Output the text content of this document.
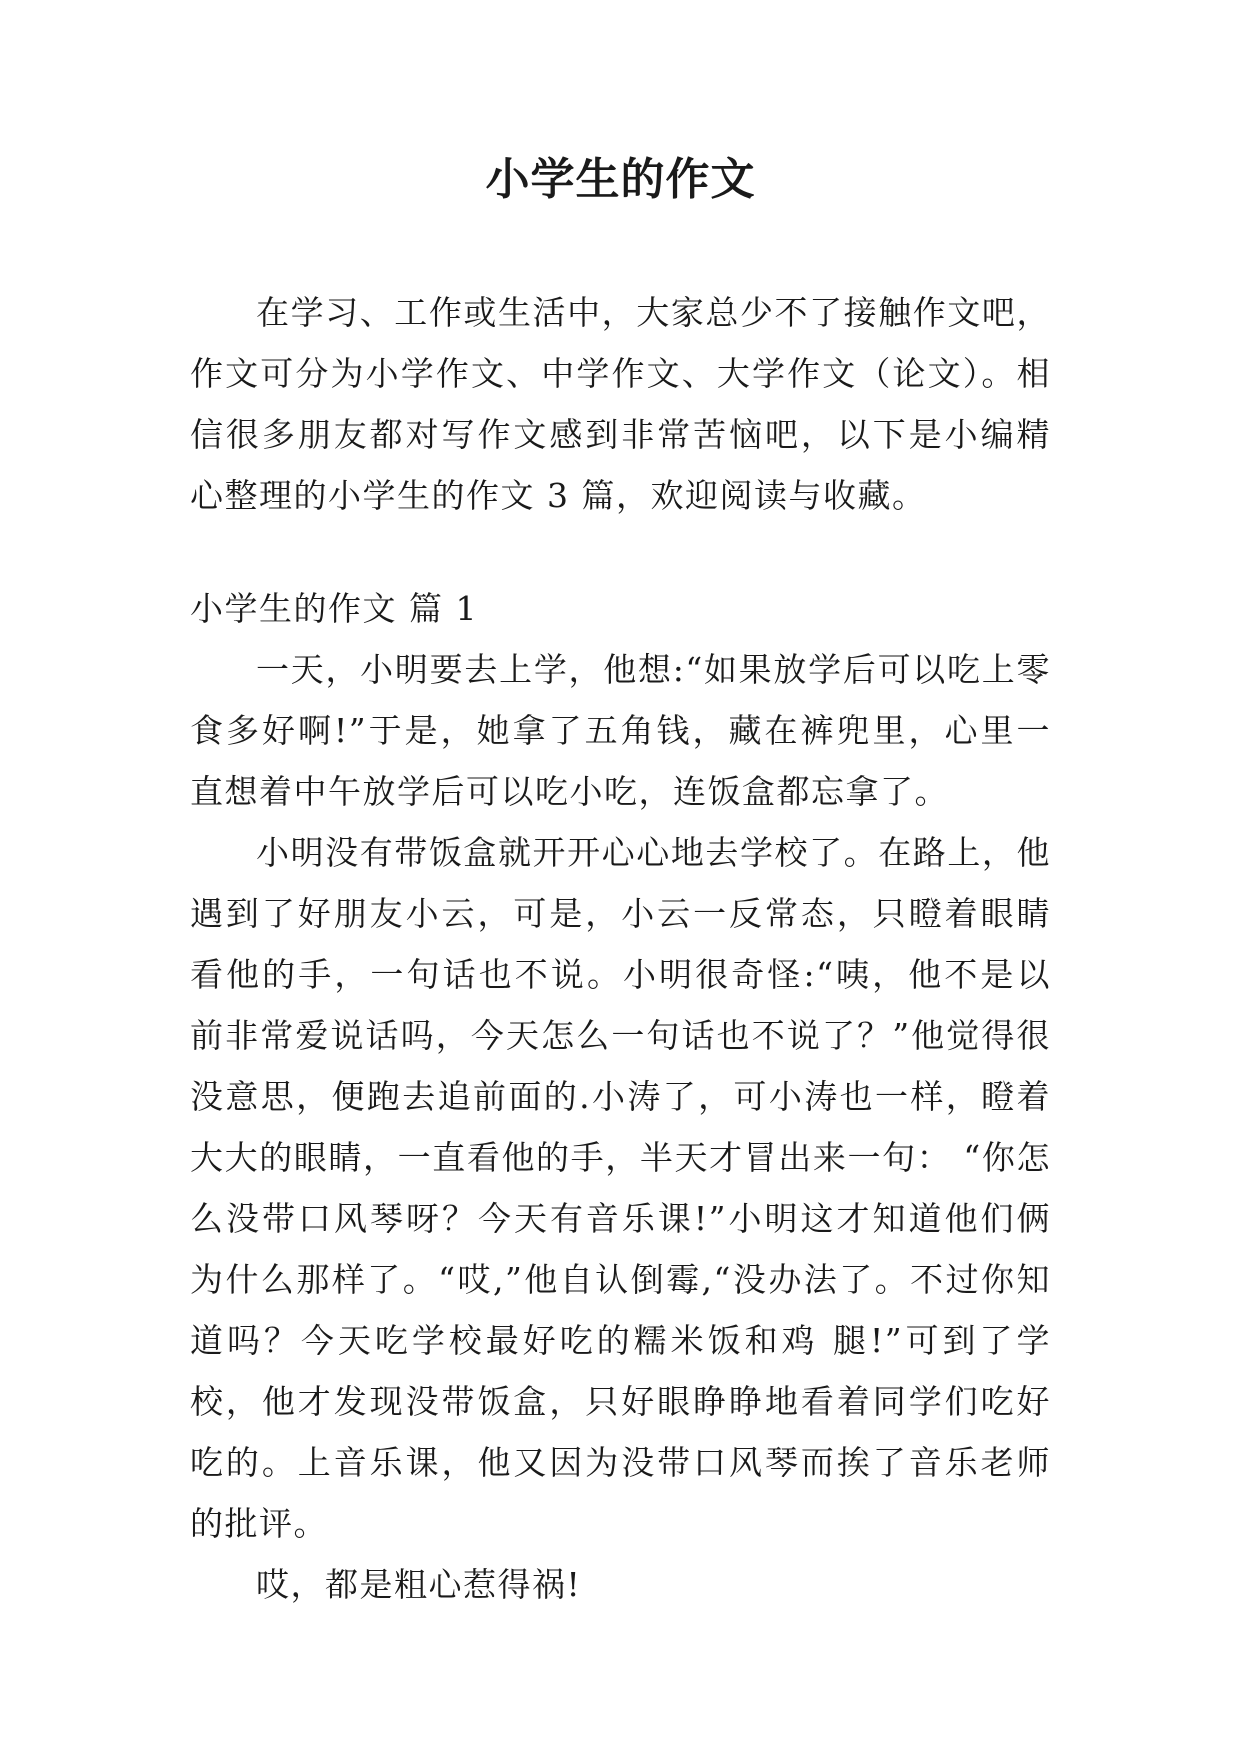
小学生的作文

在学习、工作或生活中，大家总少不了接触作文吧，作文可分为小学作文、中学作文、大学作文（论文）。相信很多朋友都对写作文感到非常苦恼吧，以下是小编精心整理的小学生的作文 3 篇，欢迎阅读与收藏。

小学生的作文 篇 1

一天，小明要去上学，他想:“如果放学后可以吃上零食多好啊!”于是，她拿了五角钱，藏在裤兜里，心里一直想着中午放学后可以吃小吃，连饭盒都忘拿了。

小明没有带饭盒就开开心心地去学校了。在路上，他遇到了好朋友小云，可是，小云一反常态，只瞪着眼睛看他的手，一句话也不说。小明很奇怪:“咦，他不是以 前非常爱说话吗，今天怎么一句话也不说了？”他觉得很没意思，便跑去追前面的.小涛了，可小涛也一样，瞪着大大的眼睛，一直看他的手，半天才冒出来一句： “你怎么没带口风琴呀？今天有音乐课!”小明这才知道他们俩为什么那样了。“哎,”他自认倒霉,“没办法了。不过你知道吗？今天吃学校最好吃的糯米饭和鸡 腿!”可到了学校，他才发现没带饭盒，只好眼睁睁地看着同学们吃好吃的。上音乐课，他又因为没带口风琴而挨了音乐老师的批评。

哎，都是粗心惹得祸!
